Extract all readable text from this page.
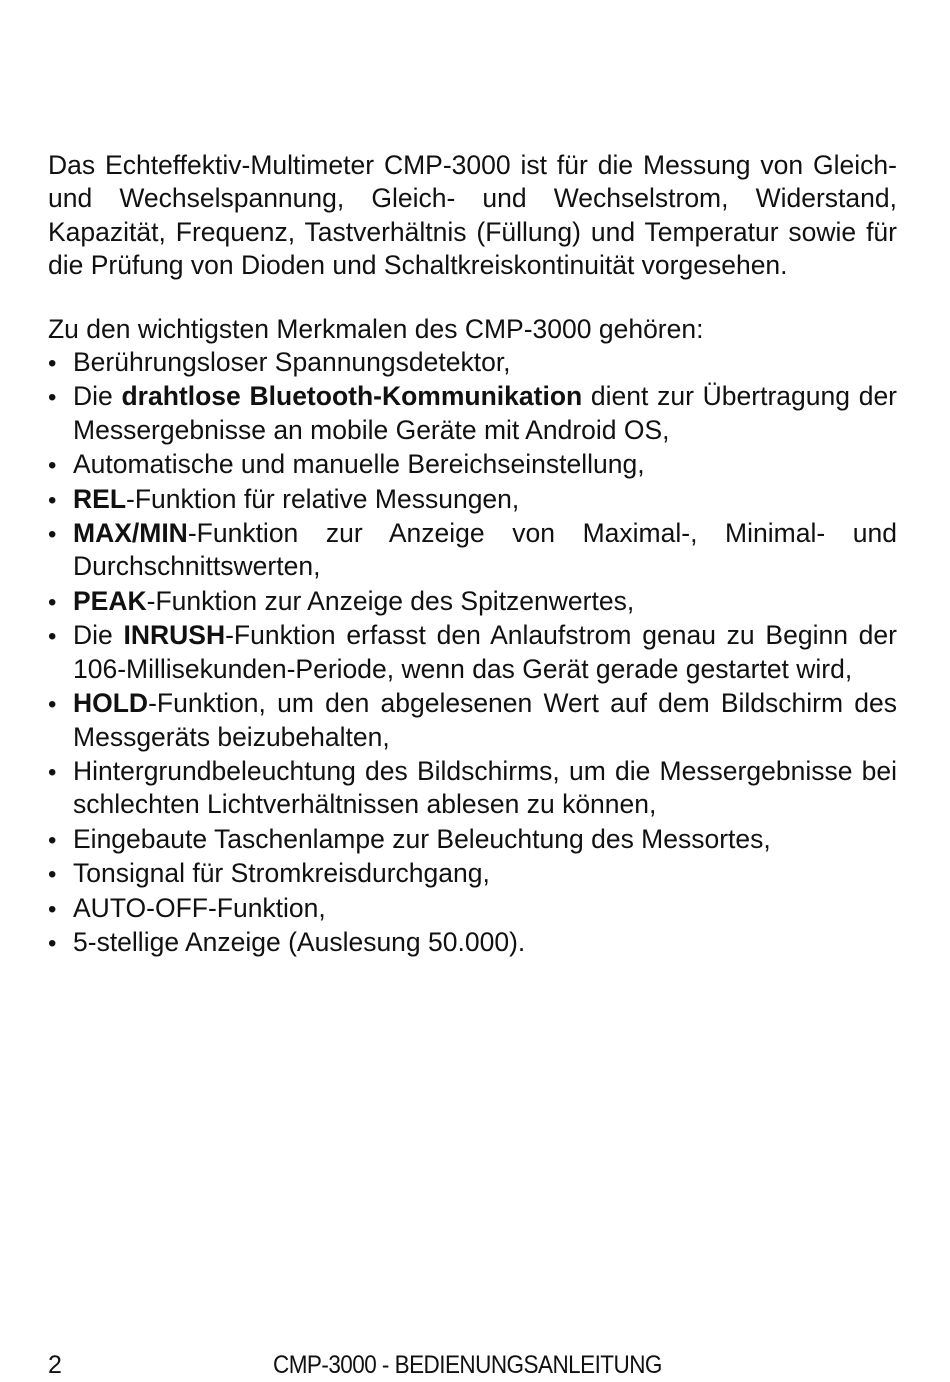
Das Echteffektiv-Multimeter CMP-3000 ist für die Messung von Gleich- und Wechselspannung, Gleich- und Wechselstrom, Widerstand, Kapazität, Frequenz, Tastverhältnis (Füllung) und Temperatur sowie für die Prüfung von Dioden und Schaltkreiskontinuität vorgesehen.

Zu den wichtigsten Merkmalen des CMP-3000 gehören:

•
Berührungsloser Spannungsdetektor,
•
Die drahtlose Bluetooth-Kommunikation dient zur Übertragung der Messergebnisse an mobile Geräte mit Android OS,
•
Automatische und manuelle Bereichseinstellung,
•
REL-Funktion für relative Messungen,
•
MAX/MIN-Funktion zur Anzeige von Maximal-, Minimal- und Durchschnittswerten,
•
PEAK-Funktion zur Anzeige des Spitzenwertes,
•
Die INRUSH-Funktion erfasst den Anlaufstrom genau zu Beginn der 106-Millisekunden-Periode, wenn das Gerät gerade gestartet wird,
•
HOLD-Funktion, um den abgelesenen Wert auf dem Bildschirm des Messgeräts beizubehalten,
•
Hintergrundbeleuchtung des Bildschirms, um die Messergebnisse bei schlechten Lichtverhältnissen ablesen zu können,
•
Eingebaute Taschenlampe zur Beleuchtung des Messortes,
•
Tonsignal für Stromkreisdurchgang,
•
AUTO-OFF-Funktion,
•
5-stellige Anzeige (Auslesung 50.000).
2	CMP-3000 - BEDIENUNGSANLEITUNG
